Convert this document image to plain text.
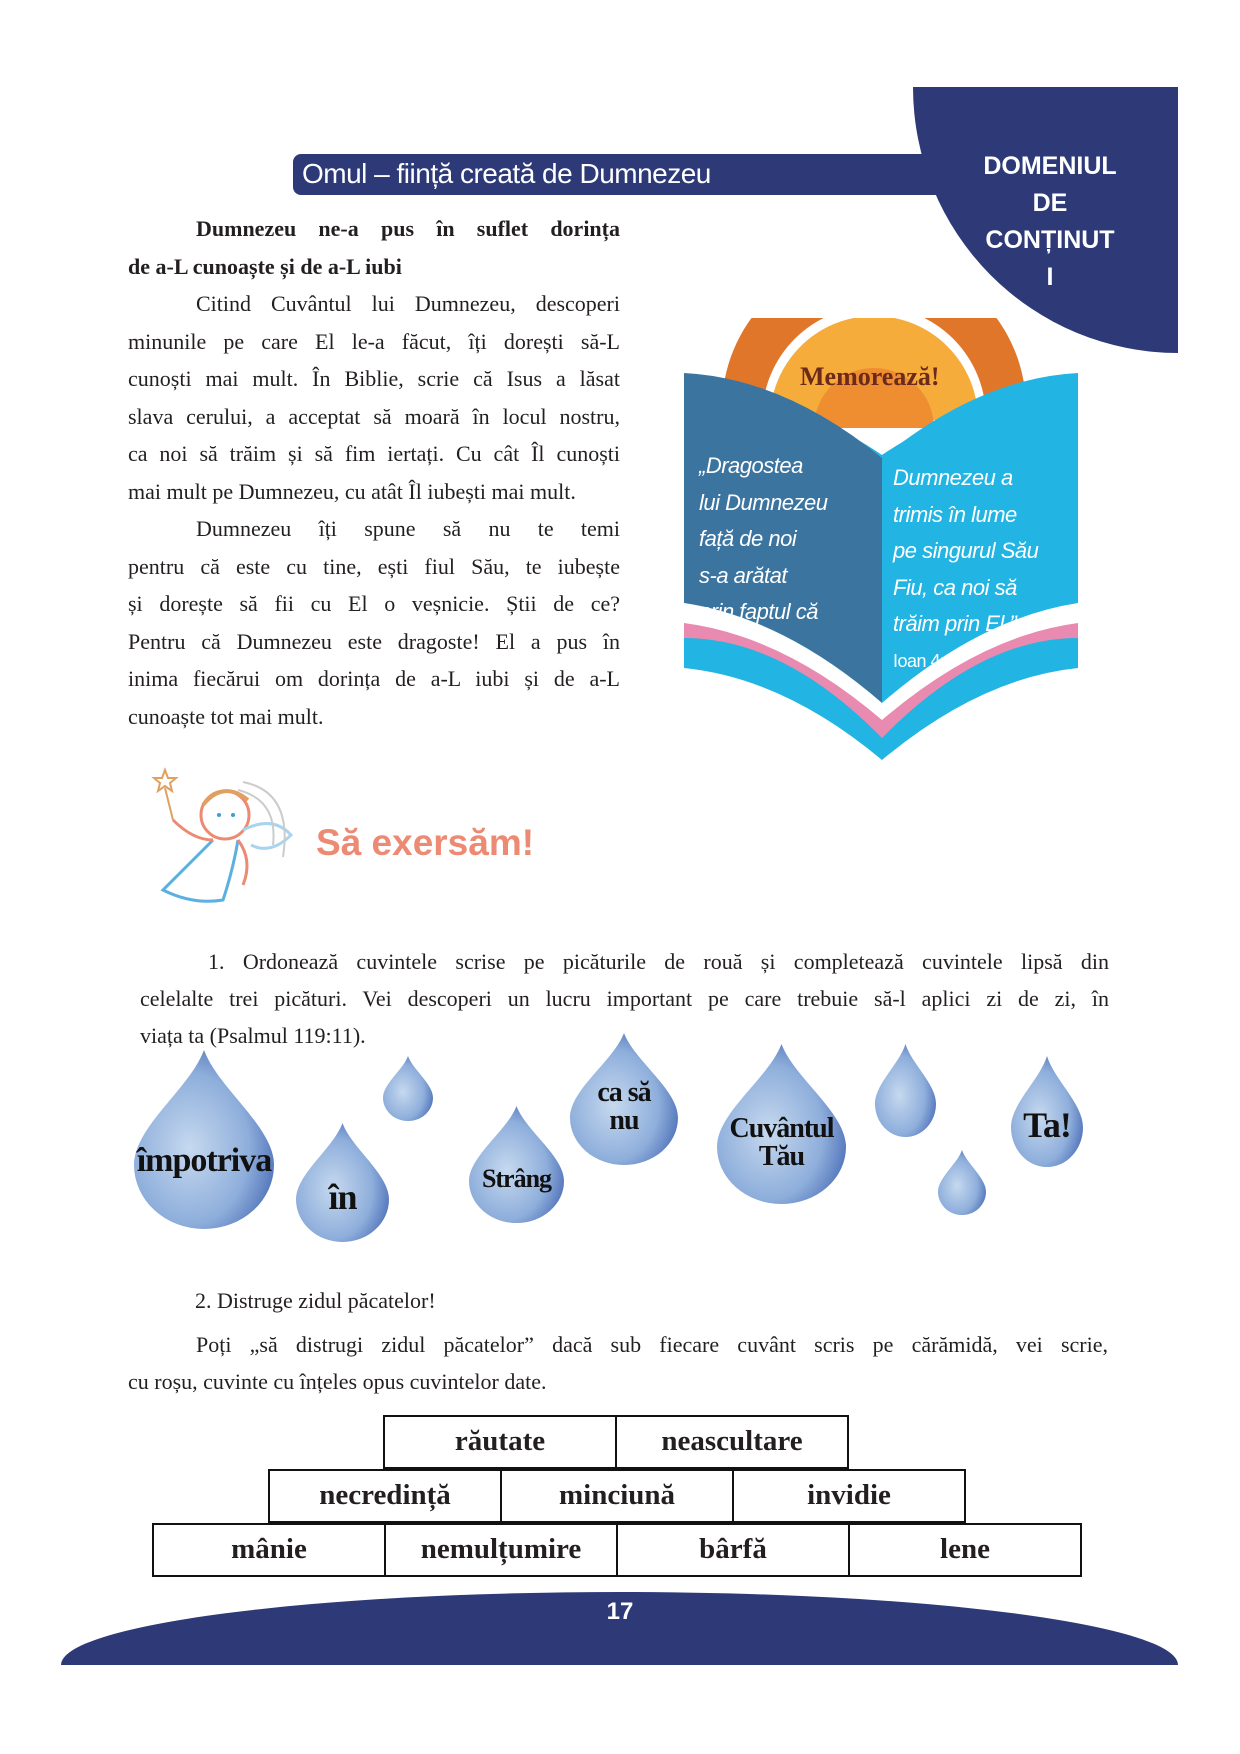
DOMENIUL
DE
CONȚINUT
I
Omul – ființă creată de Dumnezeu
Dumnezeu ne-a pus în suflet dorința
de a-L cunoaște și de a-L iubi
Citind Cuvântul lui Dumnezeu, descoperi
minunile pe care El le-a făcut, îți dorești să-L
cunoști mai mult. În Biblie, scrie că Isus a lăsat
slava cerului, a acceptat să moară în locul nostru,
ca noi să trăim și să fim iertați. Cu cât Îl cunoști
mai mult pe Dumnezeu, cu atât Îl iubești mai mult.
Dumnezeu îți spune să nu te temi
pentru că este cu tine, ești fiul Său, te iubește
și dorește să fii cu El o veșnicie. Știi de ce?
Pentru că Dumnezeu este dragoste! El a pus în
inima fiecărui om dorința de a-L iubi și de a-L
cunoaște tot mai mult.
Memorează!
„Dragostea
lui Dumnezeu
față de noi
s-a arătat
prin faptul că
Dumnezeu a
trimis în lume
pe singurul Său
Fiu, ca noi să
trăim prin El.”
Ioan 4:9
Să exersăm!
1. Ordonează cuvintele scrise pe picăturile de rouă și completează cuvintele lipsă din
celelalte trei picături. Vei descoperi un lucru important pe care trebuie să-l aplici zi de zi, în
viața ta (Psalmul 119:11).
împotriva
în	Strâng
ca să
nu	Cuvântul
Tău
Ta!
2. Distruge zidul păcatelor!
Poți „să distrugi zidul păcatelor” dacă sub fiecare cuvânt scris pe cărămidă, vei scrie,
cu roșu, cuvinte cu înțeles opus cuvintelor date.
răutate	neascultare
necredință	minciună	invidie
mânie	nemulțumire	bârfă	lene
17
